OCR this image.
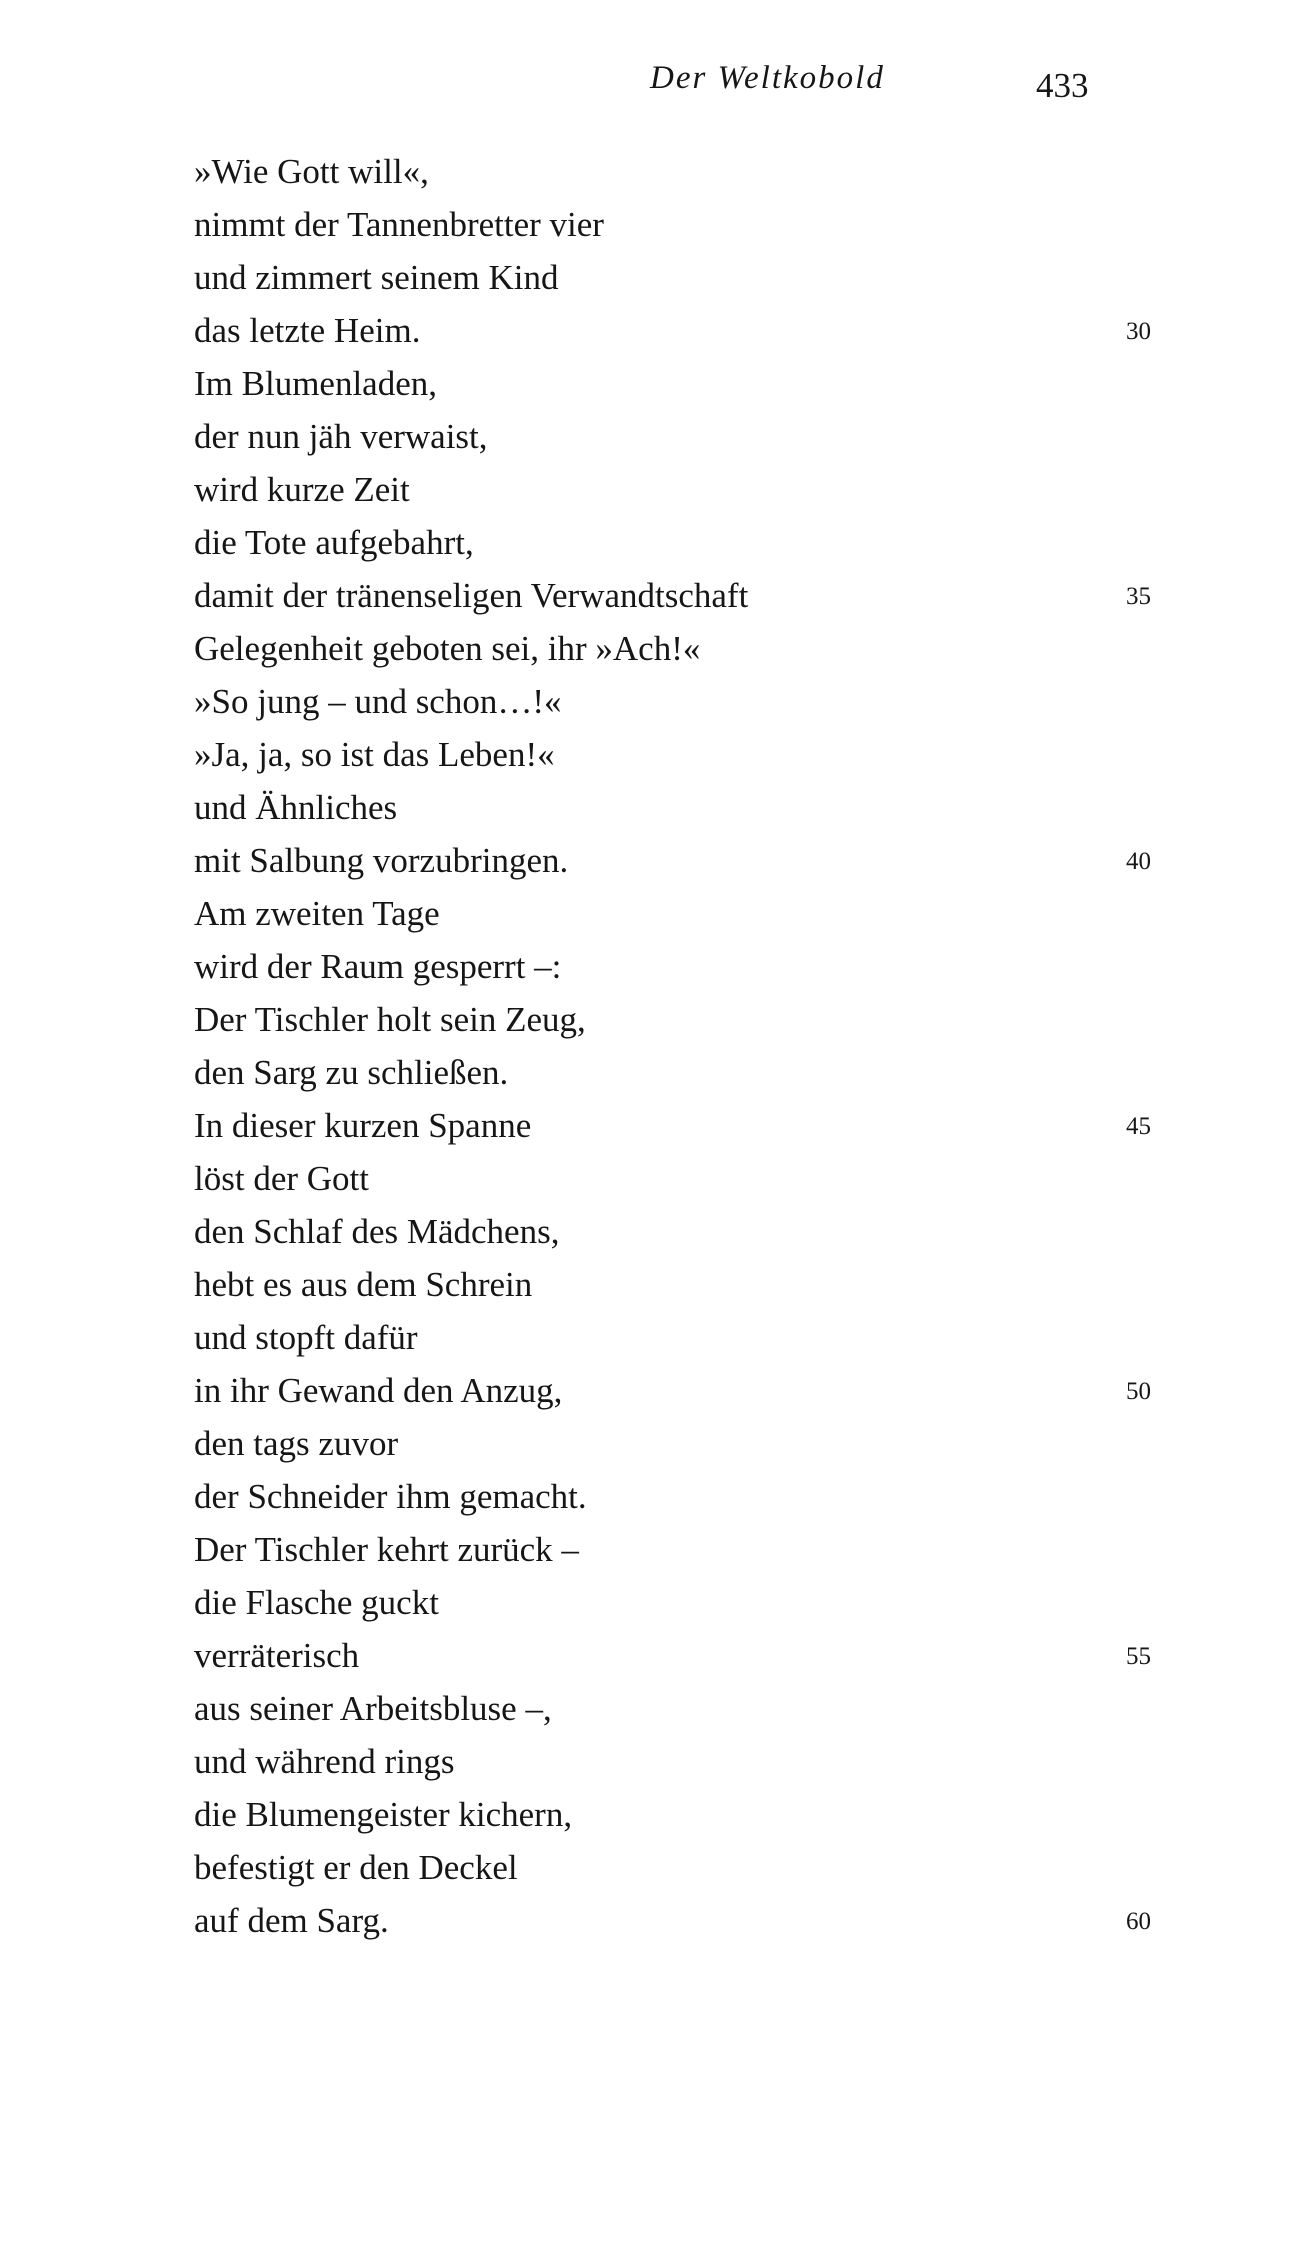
Der Weltkobold	433
»Wie Gott will«,
nimmt der Tannenbretter vier
und zimmert seinem Kind
das letzte Heim.
Im Blumenladen,
der nun jäh verwaist,
wird kurze Zeit
die Tote aufgebahrt,
damit der tränenseligen Verwandtschaft
Gelegenheit geboten sei, ihr »Ach!«
»So jung – und schon…!«
»Ja, ja, so ist das Leben!«
und Ähnliches
mit Salbung vorzubringen.
Am zweiten Tage
wird der Raum gesperrt –:
Der Tischler holt sein Zeug,
den Sarg zu schließen.
In dieser kurzen Spanne
löst der Gott
den Schlaf des Mädchens,
hebt es aus dem Schrein
und stopft dafür
in ihr Gewand den Anzug,
den tags zuvor
der Schneider ihm gemacht.
Der Tischler kehrt zurück –
die Flasche guckt
verräterisch
aus seiner Arbeitsbluse –,
und während rings
die Blumengeister kichern,
befestigt er den Deckel
auf dem Sarg.
30
35
40
45
50
55
60
